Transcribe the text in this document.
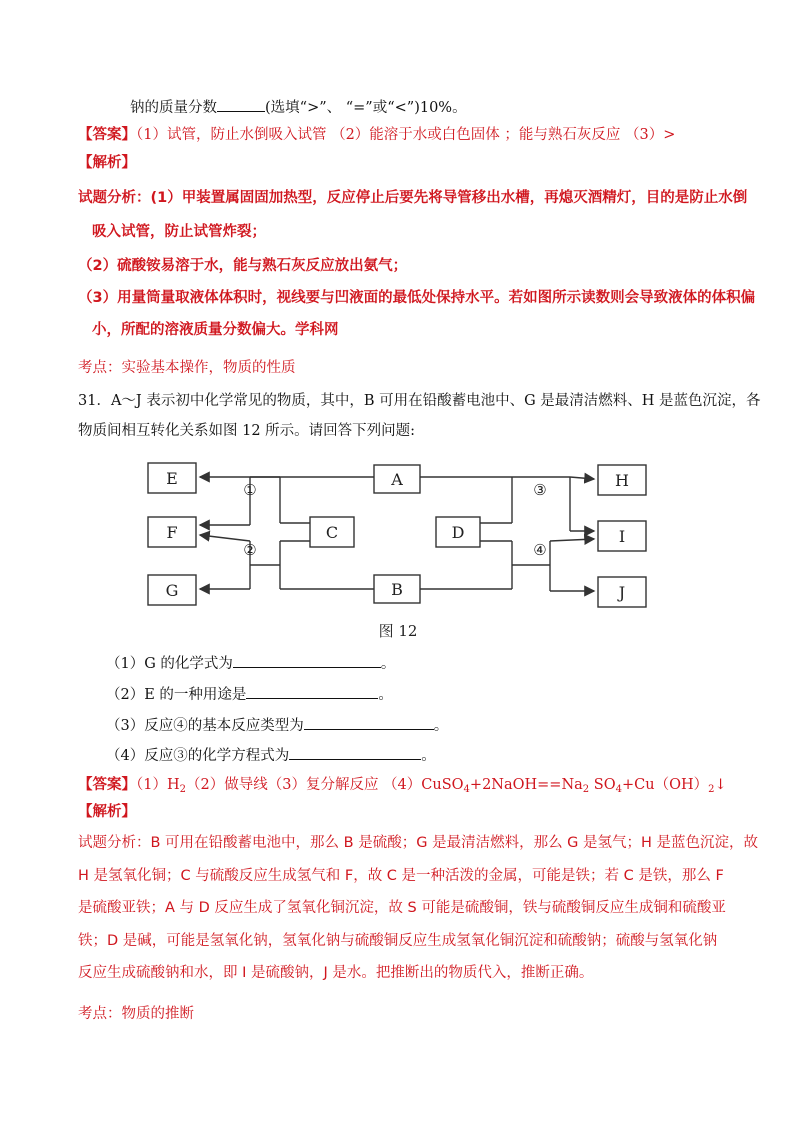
钠的质量分数	(选填“>”、 “=”或“<”)10%。
【答案】（1）试管，防止水倒吸入试管 （2）能溶于水或白色固体 ；能与熟石灰反应 （3）>
【解析】
试题分析：(1）甲装置属固固加热型，反应停止后要先将导管移出水槽，再熄灭酒精灯，目的是防止水倒
吸入试管，防止试管炸裂；
（2）硫酸铵易溶于水，能与熟石灰反应放出氨气；
（3）用量筒量取液体体积时，视线要与凹液面的最低处保持水平。若如图所示读数则会导致液体的体积偏
小，所配的溶液质量分数偏大。学科网
考点：实验基本操作，物质的性质
31．A～J 表示初中化学常见的物质，其中，B 可用在铅酸蓄电池中、G 是最清洁燃料、H 是蓝色沉淀，各
物质间相互转化关系如图 12 所示。请回答下列问题:
E
F
G
A
C	D
B
H
I
J
①
②
③
④
图 12
（1）G 的化学式为	。
（2）E 的一种用途是	。
（3）反应④的基本反应类型为	。
（4）反应③的化学方程式为	。
【答案】$(1)H_2(2)$做导线（3）复分解反应 $(4)CuSO_4+2NaOH==Na_2$ $SO_4+Cu(OH)_2↓$
【解析】
试题分析：B 可用在铅酸蓄电池中，那么 B 是硫酸；G 是最清洁燃料，那么 G 是氢气；H 是蓝色沉淀，故
H 是氢氧化铜；C 与硫酸反应生成氢气和 F，故 C 是一种活泼的金属，可能是铁；若 C 是铁，那么 F
是硫酸亚铁；A 与 D 反应生成了氢氧化铜沉淀，故 S 可能是硫酸铜，铁与硫酸铜反应生成铜和硫酸亚
铁；D 是碱，可能是氢氧化钠，氢氧化钠与硫酸铜反应生成氢氧化铜沉淀和硫酸钠；硫酸与氢氧化钠
反应生成硫酸钠和水，即 I 是硫酸钠，J 是水。把推断出的物质代入，推断正确。
考点：物质的推断
